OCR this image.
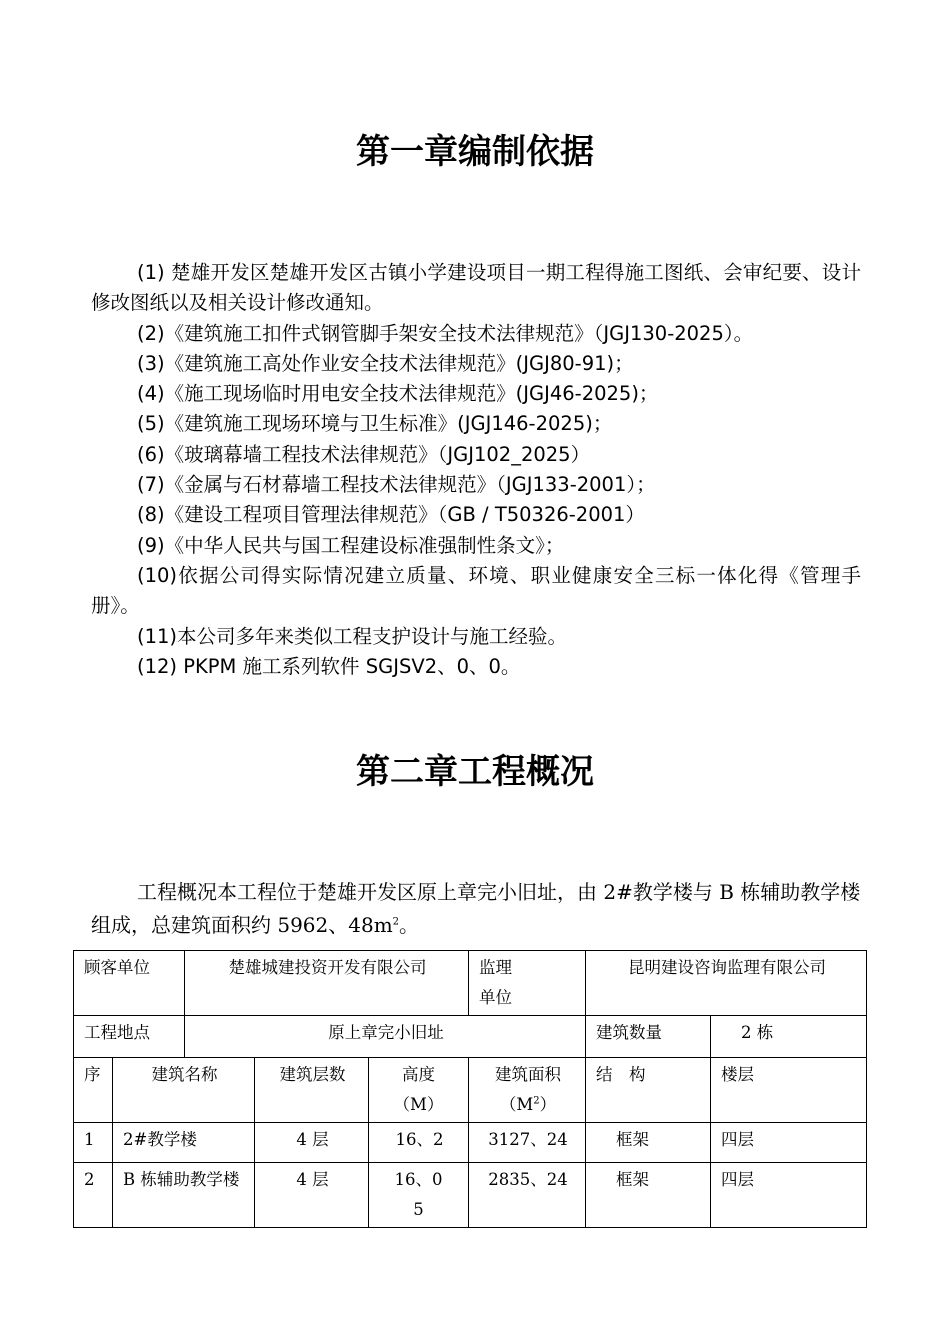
第一章编制依据

(1) 楚雄开发区楚雄开发区古镇小学建设项目一期工程得施工图纸、会审纪要、设计修改图纸以及相关设计修改通知。

(2)《建筑施工扣件式钢管脚手架安全技术法律规范》（JGJ130-2025）。

(3)《建筑施工高处作业安全技术法律规范》(JGJ80-91)；

(4)《施工现场临时用电安全技术法律规范》(JGJ46-2025)；

(5)《建筑施工现场环境与卫生标准》(JGJ146-2025)；

(6)《玻璃幕墙工程技术法律规范》（JGJ102_2025）

(7)《金属与石材幕墙工程技术法律规范》（JGJ133-2001）；

(8)《建设工程项目管理法律规范》（GB / T50326-2001）

(9)《中华人民共与国工程建设标准强制性条文》；

(10)依据公司得实际情况建立质量、环境、职业健康安全三标一体化得《管理手册》。

(11)本公司多年来类似工程支护设计与施工经验。

(12) PKPM 施工系列软件 SGJSV2、0、0。

第二章工程概况

工程概况本工程位于楚雄开发区原上章完小旧址，由 2#教学楼与 B 栋辅助教学楼组成，总建筑面积约 5962、$48m^2$。

顾客单位		楚雄城建投资开发有限公司			监理单位	昆明建设咨询监理有限公司	
工程地点		原上章完小旧址				建筑数量	2 栋
序	建筑名称		建筑层数	高度（M）	建筑面积$(M^2)$	结　构	楼层
1	2#教学楼		4 层	16、2	3127、24	框架	四层
2	B 栋辅助教学楼		4 层	16、05	2835、24	框架	四层
